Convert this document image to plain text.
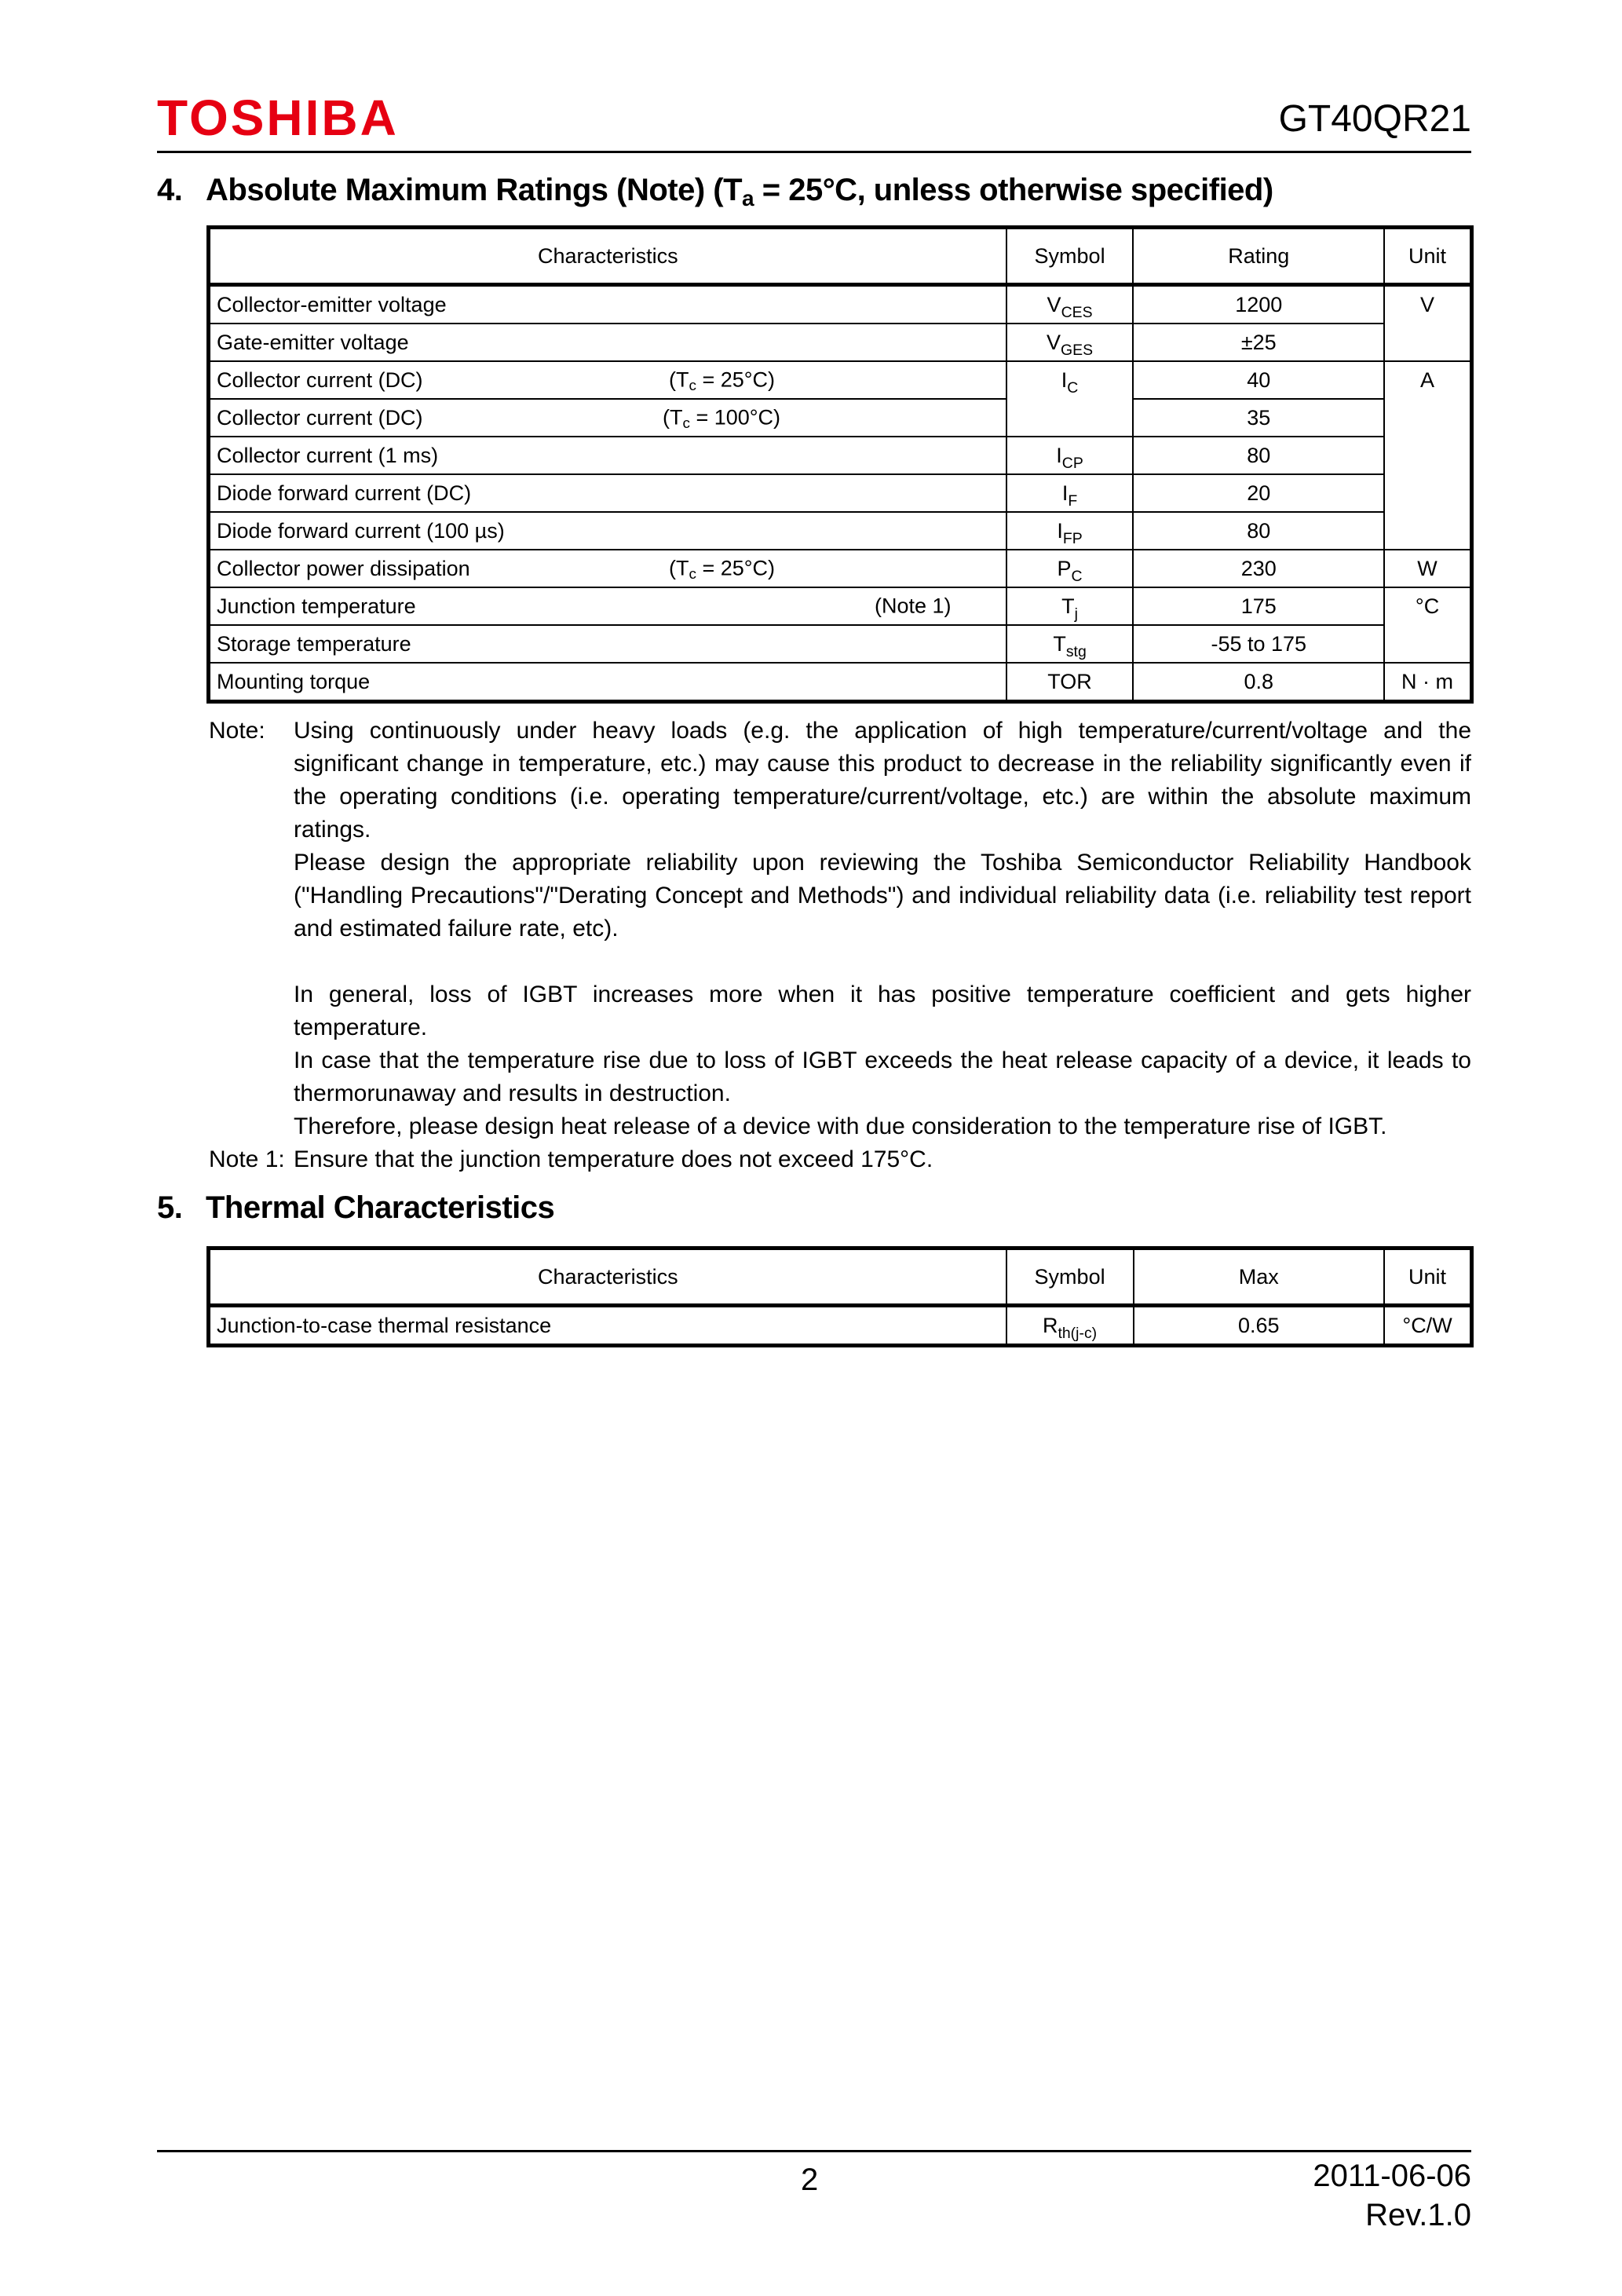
TOSHIBA	GT40QR21
4. Absolute Maximum Ratings (Note) ($T_a = 25^\circ C$, unless otherwise specified)
Characteristics	Symbol	Rating	Unit
Collector-emitter voltage	$V_{CES}$	1200	V
Gate-emitter voltage	$V_{GES}$	±25	
Collector current (DC) $(T_c = 25^\circ C)$	$I_C$	40	A
Collector current (DC) $(T_c = 100^\circ C)$		35	
Collector current (1 ms)	$I_{CP}$	80	
Diode forward current (DC)	$I_F$	20	
Diode forward current (100 µs)	$I_{FP}$	80	
Collector power dissipation $(T_c = 25^\circ C)$	$P_C$	230	W
Junction temperature (Note 1)	$T_j$	175	°C
Storage temperature	$T_{stg}$	-55 to 175	
Mounting torque	TOR	0.8	N · m
Note: Using continuously under heavy loads (e.g. the application of high temperature/current/voltage and the significant change in temperature, etc.) may cause this product to decrease in the reliability significantly even if the operating conditions (i.e. operating temperature/current/voltage, etc.) are within the absolute maximum ratings.

Please design the appropriate reliability upon reviewing the Toshiba Semiconductor Reliability Handbook ("Handling Precautions"/"Derating Concept and Methods") and individual reliability data (i.e. reliability test report and estimated failure rate, etc).

In general, loss of IGBT increases more when it has positive temperature coefficient and gets higher temperature.

In case that the temperature rise due to loss of IGBT exceeds the heat release capacity of a device, it leads to thermorunaway and results in destruction.

Therefore, please design heat release of a device with due consideration to the temperature rise of IGBT.

Note 1: Ensure that the junction temperature does not exceed 175°C.
5. Thermal Characteristics
Characteristics	Symbol	Max	Unit
Junction-to-case thermal resistance	$R_{th(j-c)}$	0.65	°C/W
2	2011-06-06
Rev.1.0
